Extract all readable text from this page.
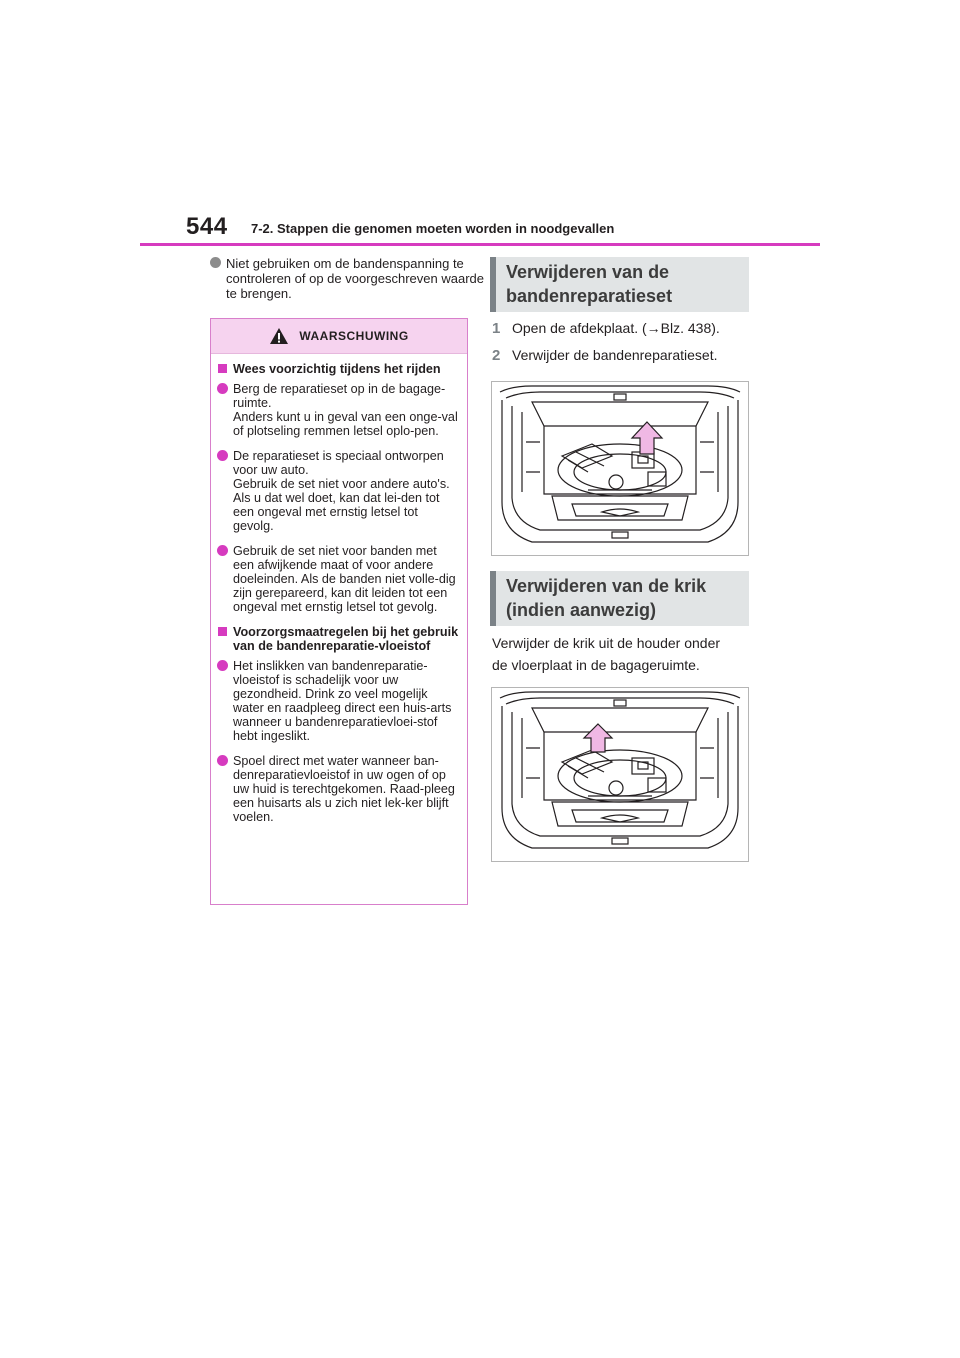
544 7-2. Stappen die genomen moeten worden in noodgevallen
Niet gebruiken om de bandenspanning te controleren of op de voorgeschreven waarde te brengen.
WAARSCHUWING
Wees voorzichtig tijdens het rijden
Berg de reparatieset op in de bagage-ruimte.
Anders kunt u in geval van een onge-val of plotseling remmen letsel oplo-pen.
De reparatieset is speciaal ontworpen voor uw auto.
Gebruik de set niet voor andere auto's. Als u dat wel doet, kan dat lei-den tot een ongeval met ernstig letsel tot gevolg.
Gebruik de set niet voor banden met een afwijkende maat of voor andere doeleinden. Als de banden niet volle-dig zijn gerepareerd, kan dit leiden tot een ongeval met ernstig letsel tot gevolg.
Voorzorgsmaatregelen bij het gebruik van de bandenreparatie-vloeistof
Het inslikken van bandenreparatie-vloeistof is schadelijk voor uw gezondheid. Drink zo veel mogelijk water en raadpleeg direct een huis-arts wanneer u bandenreparatievloei-stof hebt ingeslikt.
Spoel direct met water wanneer ban-denreparatievloeistof in uw ogen of op uw huid is terechtgekomen. Raad-pleeg een huisarts als u zich niet lek-ker blijft voelen.
Verwijderen van de
bandenreparatieset
1 Open de afdekplaat. (→Blz. 438).
2 Verwijder de bandenreparatieset.
Verwijderen van de krik
(indien aanwezig)
Verwijder de krik uit de houder onder
de vloerplaat in de bagageruimte.
